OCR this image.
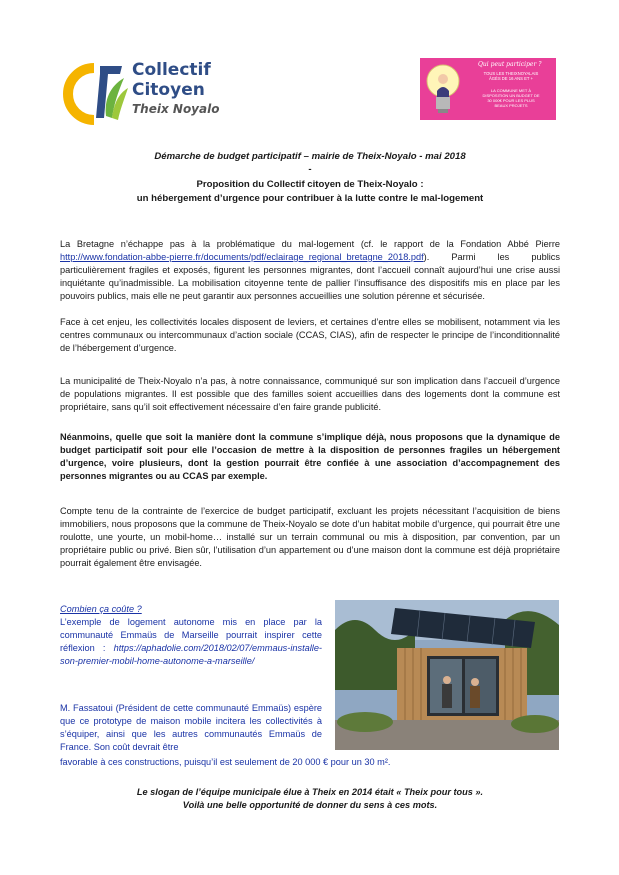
Collectif
Citoyen
Theix Noyalo
Qui peut participer ?
TOUS LES THEIXNOYALAIS ÂGÉS DE 16 ANS ET +
LA COMMUNE MET À DISPOSITION UN BUDGET DE 30 000€ POUR LES PLUS BEAUX PROJETS
Démarche de budget participatif – mairie de Theix-Noyalo - mai 2018
-
Proposition du Collectif citoyen de Theix-Noyalo :
un hébergement d’urgence pour contribuer à la lutte contre le mal-logement

La Bretagne n’échappe pas à la problématique du mal-logement (cf. le rapport de la Fondation Abbé Pierre http://www.fondation-abbe-pierre.fr/documents/pdf/eclairage_regional_bretagne_2018.pdf). Parmi les publics particulièrement fragiles et exposés, figurent les personnes migrantes, dont l’accueil connaît aujourd’hui une crise aussi inquiétante qu’inadmissible. La mobilisation citoyenne tente de pallier l’insuffisance des dispositifs mis en place par les pouvoirs publics, mais elle ne peut garantir aux personnes accueillies une solution pérenne et sécurisée.

Face à cet enjeu, les collectivités locales disposent de leviers, et certaines d’entre elles se mobilisent, notamment via les centres communaux ou intercommunaux d’action sociale (CCAS, CIAS), afin de respecter le principe de l’inconditionnalité de l’hébergement d’urgence.

La municipalité de Theix-Noyalo n’a pas, à notre connaissance, communiqué sur son implication dans l’accueil d’urgence de populations migrantes. Il est possible que des familles soient accueillies dans des logements dont la commune est propriétaire, sans qu’il soit effectivement nécessaire d’en faire grande publicité.

Néanmoins, quelle que soit la manière dont la commune s’implique déjà, nous proposons que la dynamique de budget participatif soit pour elle l’occasion de mettre à la disposition de personnes fragiles un hébergement d’urgence, voire plusieurs, dont la gestion pourrait être confiée à une association d’accompagnement des personnes migrantes ou au CCAS par exemple.

Compte tenu de la contrainte de l’exercice de budget participatif, excluant les projets nécessitant l’acquisition de biens immobiliers, nous proposons que la commune de Theix-Noyalo se dote d’un habitat mobile d’urgence, qui pourrait être une roulotte, une yourte, un mobil-home… installé sur un terrain communal ou mis à disposition, par convention, par un propriétaire public ou privé. Bien sûr, l’utilisation d’un appartement ou d’une maison dont la commune est déjà propriétaire pourrait également être envisagée.

Combien ça coûte ?

L’exemple de logement autonome mis en place par la communauté Emmaüs de Marseille pourrait inspirer cette réflexion : https://aphadolie.com/2018/02/07/emmaus-installe-son-premier-mobil-home-autonome-a-marseille/

M. Fassatoui (Président de cette communauté Emmaüs) espère que ce prototype de maison mobile incitera les collectivités à s’équiper, ainsi que les autres communautés Emmaüs de France. Son coût devrait être

favorable à ces constructions, puisqu’il est seulement de 20 000 € pour un 30 m².
Le slogan de l’équipe municipale élue à Theix en 2014 était « Theix pour tous ».
Voilà une belle opportunité de donner du sens à ces mots.
